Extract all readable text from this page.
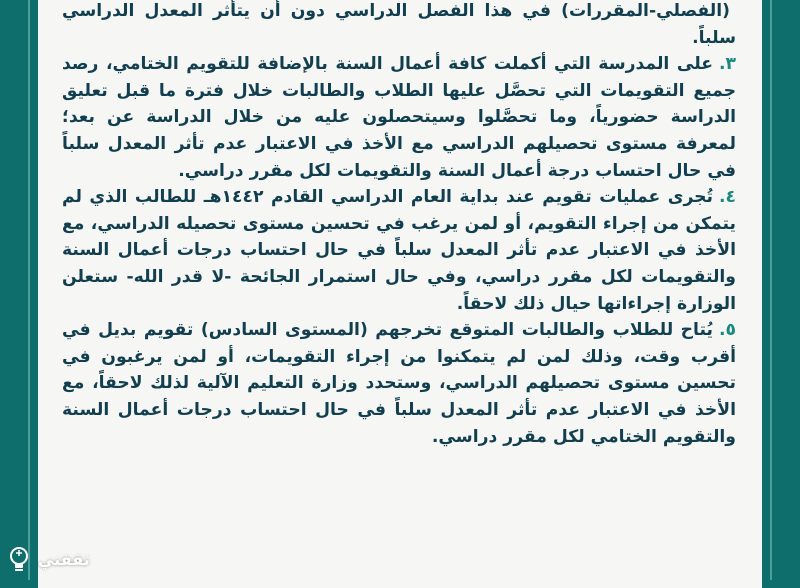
(الفصلي-المقررات) في هذا الفصل الدراسي دون أن يتأثر المعدل الدراسي سلباً.

٣.على المدرسة التي أكملت كافة أعمال السنة بالإضافة للتقويم الختامي، رصد جميع التقويمات التي تحصَّل عليها الطلاب والطالبات خلال فترة ما قبل تعليق الدراسة حضورياً، وما تحصَّلوا وسيتحصلون عليه من خلال الدراسة عن بعد؛ لمعرفة مستوى تحصيلهم الدراسي مع الأخذ في الاعتبار عدم تأثر المعدل سلباً في حال احتساب درجة أعمال السنة والتقويمات لكل مقرر دراسي.

٤.تُجرى عمليات تقويم عند بداية العام الدراسي القادم ١٤٤٢هـ للطالب الذي لم يتمكن من إجراء التقويم، أو لمن يرغب في تحسين مستوى تحصيله الدراسي، مع الأخذ في الاعتبار عدم تأثر المعدل سلباً في حال احتساب درجات أعمال السنة والتقويمات لكل مقرر دراسي، وفي حال استمرار الجائحة -لا قدر الله- ستعلن الوزارة إجراءاتها حيال ذلك لاحقاً.

٥.يُتاح للطلاب والطالبات المتوقع تخرجهم (المستوى السادس) تقويم بديل في أقرب وقت، وذلك لمن لم يتمكنوا من إجراء التقويمات، أو لمن يرغبون في تحسين مستوى تحصيلهم الدراسي، وستحدد وزارة التعليم الآلية لذلك لاحقاً، مع الأخذ في الاعتبار عدم تأثر المعدل سلباً في حال احتساب درجات أعمال السنة والتقويم الختامي لكل مقرر دراسي.

ثقفني
